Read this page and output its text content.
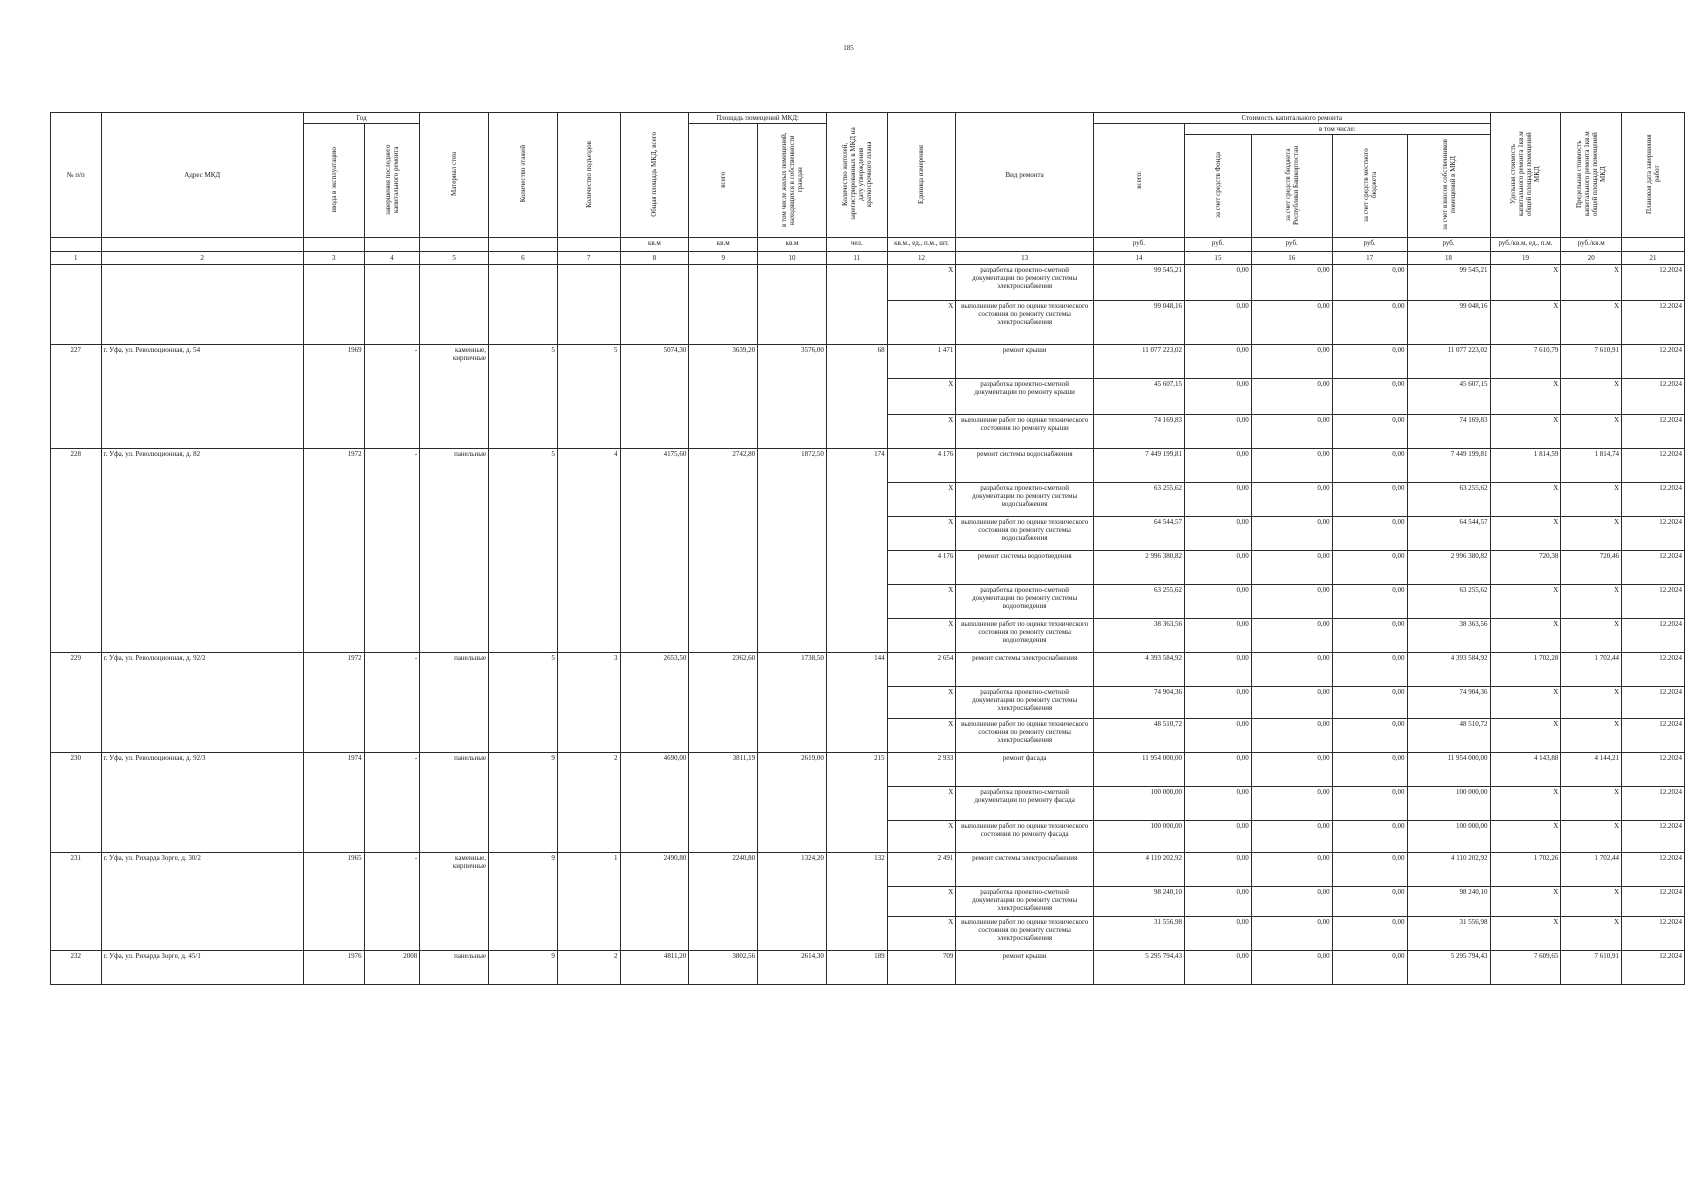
185
№ п/п	Адрес МКД	Год		Материал стен	Количество этажей	Количество подъездов	Общая площадь МКД, всего	Площадь помещений МКД:		Количество жителей, зарегистрированных в МКД на дату утверждения краткосрочного плана	Единица измерения	Вид ремонта	Стоимость капитального ремонта					Удельная стоимость капитального ремонта 1кв.м общей площади помещений МКД	Предельная стоимость капитального ремонта 1кв.м общей площади помещений МКД	Плановая дата завершения работ
		ввода в эксплуатацию	завершения последнего капитального ремонта					всего	в том числе жилых помещений, находящихся в собственности граждан				всего:	в том числе:						
														за счет средств Фонда	за счет средств бюджета Республики Башкортостан	за счет средств местного бюджета	за счет взносов собственников помещений в МКД			
							кв.м	кв.м	кв.м	чел.	кв.м., ед., п.м., шт.		руб.	руб.	руб.	руб.	руб.	руб./кв.м, ед., п.м.	руб./кв.м	
1	2	3	4	5	6	7	8	9	10	11	12	13	14	15	16	17	18	19	20	21
											X	разработка проектно-сметной документации по ремонту системы электроснабжения	99 545,21	0,00	0,00	0,00	99 545,21	X	X	12.2024
											X	выполнение работ по оценке технического состояния по ремонту системы электроснабжения	99 048,16	0,00	0,00	0,00	99 048,16	X	X	12.2024
227	г. Уфа, ул. Революционная, д. 54	1969	-	каменные, кирпичные	5	5	5074,30	3639,20	3576,00	68	1 471	ремонт крыши	11 077 223,02	0,00	0,00	0,00	11 077 223,02	7 610,79	7 610,91	12.2024
											X	разработка проектно-сметной документации по ремонту крыши	45 607,15	0,00	0,00	0,00	45 607,15	X	X	12.2024
											X	выполнение работ по оценке технического состояния по ремонту крыши	74 169,83	0,00	0,00	0,00	74 169,83	X	X	12.2024
228	г. Уфа, ул. Революционная, д. 82	1972	-	панельные	5	4	4175,60	2742,80	1872,50	174	4 176	ремонт системы водоснабжения	7 449 199,81	0,00	0,00	0,00	7 449 199,81	1 814,59	1 814,74	12.2024
											X	разработка проектно-сметной документации по ремонту системы водоснабжения	63 255,62	0,00	0,00	0,00	63 255,62	X	X	12.2024
											X	выполнение работ по оценке технического состояния по ремонту системы водоснабжения	64 544,57	0,00	0,00	0,00	64 544,57	X	X	12.2024
											4 176	ремонт системы водоотведения	2 996 380,82	0,00	0,00	0,00	2 996 380,82	720,38	720,46	12.2024
											X	разработка проектно-сметной документации по ремонту системы водоотведения	63 255,62	0,00	0,00	0,00	63 255,62	X	X	12.2024
											X	выполнение работ по оценке технического состояния по ремонту системы водоотведения	38 363,56	0,00	0,00	0,00	38 363,56	X	X	12.2024
229	г. Уфа, ул. Революционная, д. 92/2	1972	-	панельные	5	3	2653,50	2362,60	1738,50	144	2 654	ремонт системы электроснабжения	4 393 584,92	0,00	0,00	0,00	4 393 584,92	1 702,28	1 702,44	12.2024
											X	разработка проектно-сметной документации по ремонту системы электроснабжения	74 904,36	0,00	0,00	0,00	74 904,36	X	X	12.2024
											X	выполнение работ по оценке технического состояния по ремонту системы электроснабжения	48 510,72	0,00	0,00	0,00	48 510,72	X	X	12.2024
230	г. Уфа, ул. Революционная, д. 92/3	1974	-	панельные	9	2	4690,00	3811,19	2619,00	215	2 933	ремонт фасада	11 954 000,00	0,00	0,00	0,00	11 954 000,00	4 143,88	4 144,21	12.2024
											X	разработка проектно-сметной документации по ремонту фасада	100 000,00	0,00	0,00	0,00	100 000,00	X	X	12.2024
											X	выполнение работ по оценке технического состояния по ремонту фасада	100 000,00	0,00	0,00	0,00	100 000,00	X	X	12.2024
231	г. Уфа, ул. Рихарда Зорге, д. 30/2	1965	-	каменные, кирпичные	9	1	2490,80	2240,80	1324,20	132	2 491	ремонт системы электроснабжения	4 110 202,92	0,00	0,00	0,00	4 110 202,92	1 702,26	1 702,44	12.2024
											X	разработка проектно-сметной документации по ремонту системы электроснабжения	98 240,10	0,00	0,00	0,00	98 240,10	X	X	12.2024
											X	выполнение работ по оценке технического состояния по ремонту системы электроснабжения	31 556,98	0,00	0,00	0,00	31 556,98	X	X	12.2024
232	г. Уфа, ул. Рихарда Зорге, д. 45/1	1976	2008	панельные	9	2	4811,20	3802,56	2614,30	189	709	ремонт крыши	5 295 794,43	0,00	0,00	0,00	5 295 794,43	7 609,65	7 610,91	12.2024
